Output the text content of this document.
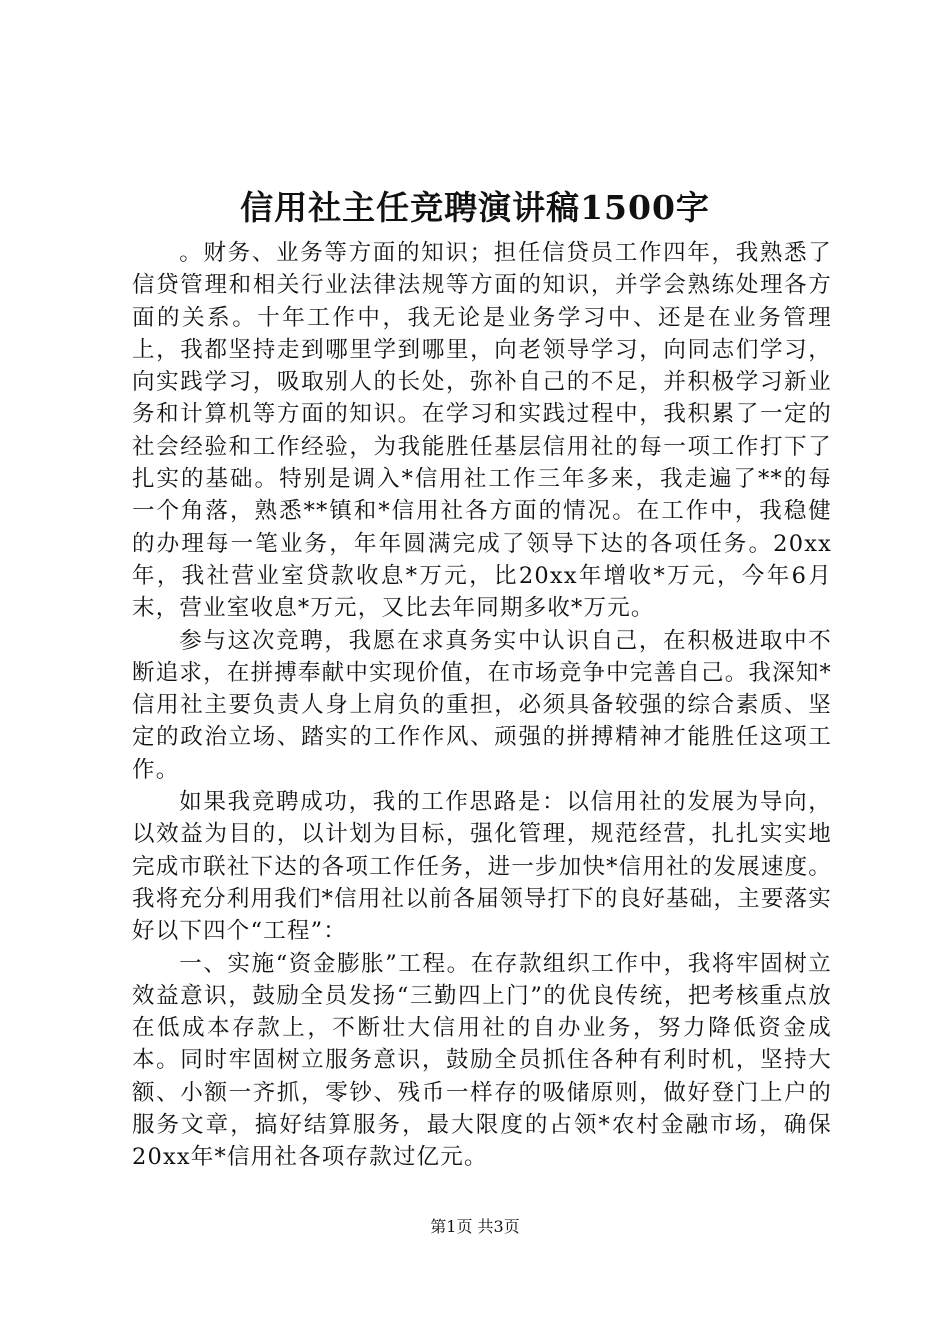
信用社主任竞聘演讲稿1500字

。财务、业务等方面的知识；担任信贷员工作四年，我熟悉了信贷管理和相关行业法律法规等方面的知识，并学会熟练处理各方面的关系。十年工作中，我无论是业务学习中、还是在业务管理上，我都坚持走到哪里学到哪里，向老领导学习，向同志们学习，向实践学习，吸取别人的长处，弥补自己的不足，并积极学习新业务和计算机等方面的知识。在学习和实践过程中，我积累了一定的社会经验和工作经验，为我能胜任基层信用社的每一项工作打下了扎实的基础。特别是调入*信用社工作三年多来，我走遍了**的每一个角落，熟悉**镇和*信用社各方面的情况。在工作中，我稳健的办理每一笔业务，年年圆满完成了领导下达的各项任务。20xx年，我社营业室贷款收息*万元，比20xx年增收*万元，今年6月末，营业室收息*万元，又比去年同期多收*万元。

参与这次竞聘，我愿在求真务实中认识自己，在积极进取中不断追求，在拼搏奉献中实现价值，在市场竞争中完善自己。我深知*信用社主要负责人身上肩负的重担，必须具备较强的综合素质、坚定的政治立场、踏实的工作作风、顽强的拼搏精神才能胜任这项工作。

如果我竞聘成功，我的工作思路是：以信用社的发展为导向，以效益为目的，以计划为目标，强化管理，规范经营，扎扎实实地完成市联社下达的各项工作任务，进一步加快*信用社的发展速度。我将充分利用我们*信用社以前各届领导打下的良好基础，主要落实好以下四个“工程”：

一、实施“资金膨胀”工程。在存款组织工作中，我将牢固树立效益意识，鼓励全员发扬“三勤四上门”的优良传统，把考核重点放在低成本存款上，不断壮大信用社的自办业务，努力降低资金成本。同时牢固树立服务意识，鼓励全员抓住各种有利时机，坚持大额、小额一齐抓，零钞、残币一样存的吸储原则，做好登门上户的服务文章，搞好结算服务，最大限度的占领*农村金融市场，确保20xx年*信用社各项存款过亿元。

第1页 共3页
